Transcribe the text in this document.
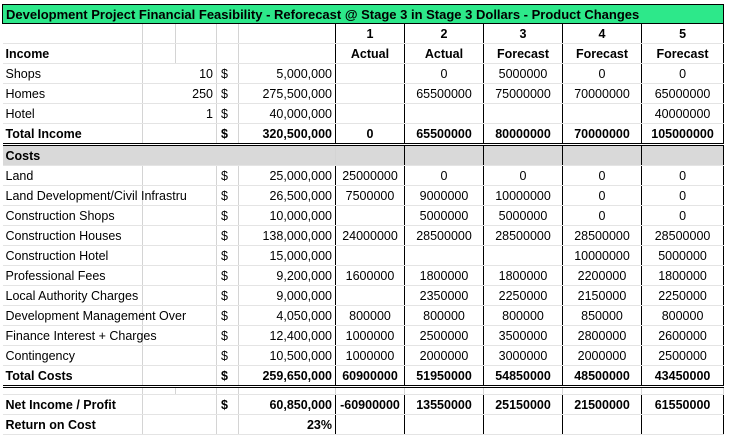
Development Project Financial Feasibility - Reforecast @ Stage 3 in Stage 3 Dollars - Product Changes									
					1	2	3	4	5
Income					Actual	Actual	Forecast	Forecast	Forecast
Shops	10		$	5,000,000		0	5000000	0	0
Homes	250		$	275,500,000		65500000	75000000	70000000	65000000
Hotel	1		$	40,000,000					40000000
Total Income			$	320,500,000	0	65500000	80000000	70000000	105000000
Costs									
Land			$	25,000,000	25000000	0	0	0	0
Land Development/Civil Infrastru			$	26,500,000	7500000	9000000	10000000	0	0
Construction Shops			$	10,000,000		5000000	5000000	0	0
Construction Houses			$	138,000,000	24000000	28500000	28500000	28500000	28500000
Construction Hotel			$	15,000,000				10000000	5000000
Professional Fees			$	9,200,000	1600000	1800000	1800000	2200000	1800000
Local Authority Charges			$	9,000,000		2350000	2250000	2150000	2250000
Development Management Over			$	4,050,000	800000	800000	800000	850000	800000
Finance Interest + Charges			$	12,400,000	1000000	2500000	3500000	2800000	2600000
Contingency			$	10,500,000	1000000	2000000	3000000	2000000	2500000
Total Costs			$	259,650,000	60900000	51950000	54850000	48500000	43450000

Net Income / Profit			$	60,850,000	-60900000	13550000	25150000	21500000	61550000
Return on Cost				23%					
